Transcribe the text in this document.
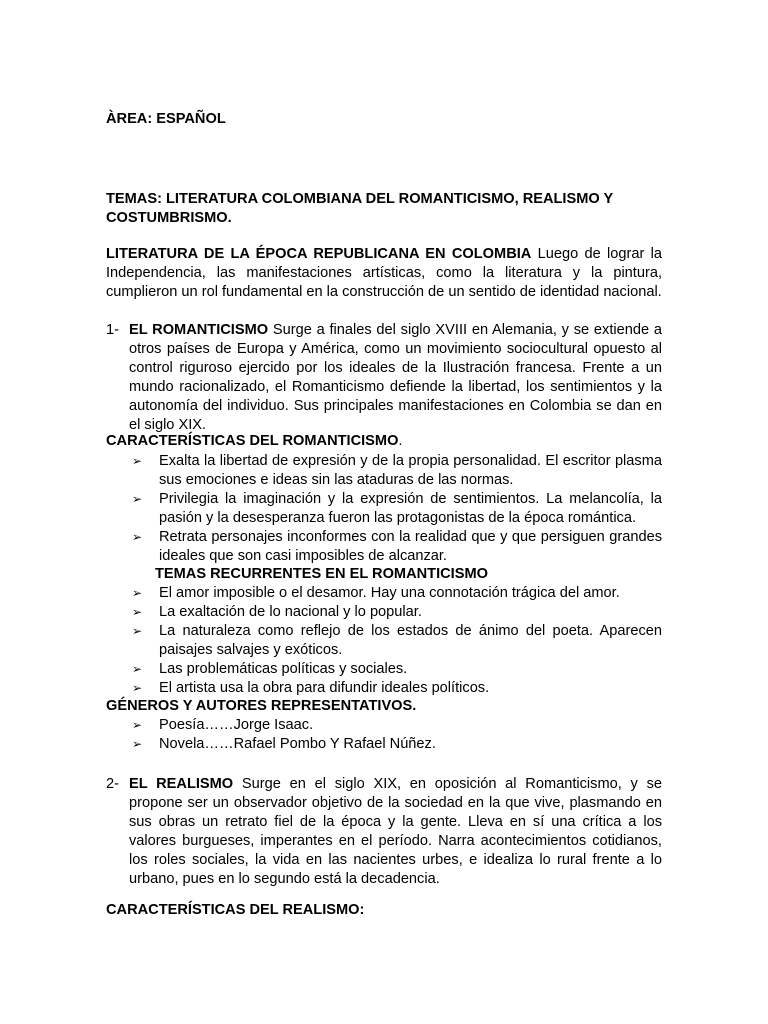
ÀREA: ESPAÑOL
TEMAS: LITERATURA COLOMBIANA DEL ROMANTICISMO, REALISMO Y COSTUMBRISMO.
LITERATURA DE LA ÉPOCA REPUBLICANA EN COLOMBIA Luego de lograr la Independencia, las manifestaciones artísticas, como la literatura y la pintura, cumplieron un rol fundamental en la construcción de un sentido de identidad nacional.
1- EL ROMANTICISMO Surge a finales del siglo XVIII en Alemania, y se extiende a otros países de Europa y América, como un movimiento sociocultural opuesto al control riguroso ejercido por los ideales de la Ilustración francesa. Frente a un mundo racionalizado, el Romanticismo defiende la libertad, los sentimientos y la autonomía del individuo. Sus principales manifestaciones en Colombia se dan en el siglo XIX.
CARACTERÍSTICAS DEL ROMANTICISMO.
➢ Exalta la libertad de expresión y de la propia personalidad. El escritor plasma sus emociones e ideas sin las ataduras de las normas.
➢ Privilegia la imaginación y la expresión de sentimientos. La melancolía, la pasión y la desesperanza fueron las protagonistas de la época romántica.
➢ Retrata personajes inconformes con la realidad que y que persiguen grandes ideales que son casi imposibles de alcanzar.
TEMAS RECURRENTES EN EL ROMANTICISMO
➢ El amor imposible o el desamor. Hay una connotación trágica del amor.
➢ La exaltación de lo nacional y lo popular.
➢ La naturaleza como reflejo de los estados de ánimo del poeta. Aparecen paisajes salvajes y exóticos.
➢ Las problemáticas políticas y sociales.
➢ El artista usa la obra para difundir ideales políticos.
GÉNEROS Y AUTORES REPRESENTATIVOS.
➢ Poesía……Jorge Isaac.
➢ Novela……Rafael Pombo Y Rafael Núñez.
2- EL REALISMO Surge en el siglo XIX, en oposición al Romanticismo, y se propone ser un observador objetivo de la sociedad en la que vive, plasmando en sus obras un retrato fiel de la época y la gente. Lleva en sí una crítica a los valores burgueses, imperantes en el período. Narra acontecimientos cotidianos, los roles sociales, la vida en las nacientes urbes, e idealiza lo rural frente a lo urbano, pues en lo segundo está la decadencia.
CARACTERÍSTICAS DEL REALISMO:
